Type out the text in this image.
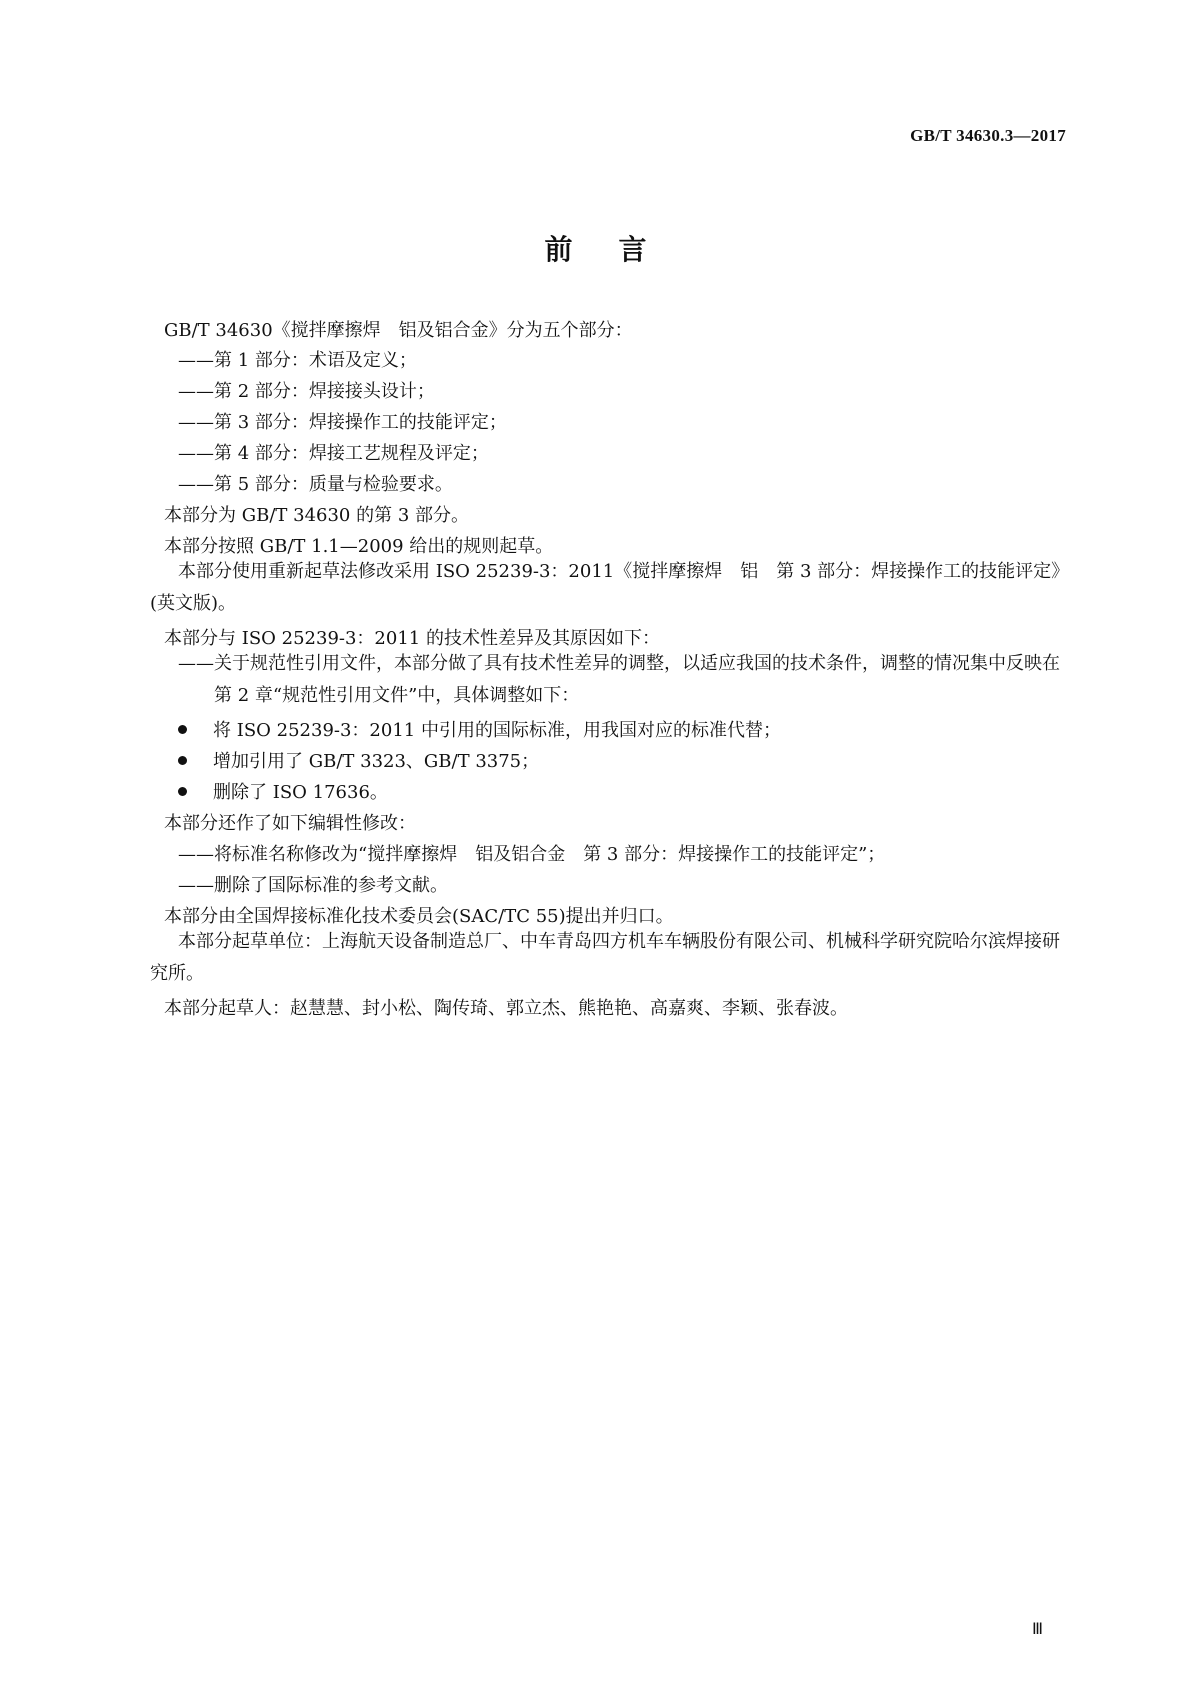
GB/T 34630.3—2017
前言
GB/T 34630《搅拌摩擦焊　铝及铝合金》分为五个部分：
——第 1 部分：术语及定义；
——第 2 部分：焊接接头设计；
——第 3 部分：焊接操作工的技能评定；
——第 4 部分：焊接工艺规程及评定；
——第 5 部分：质量与检验要求。
本部分为 GB/T 34630 的第 3 部分。
本部分按照 GB/T 1.1—2009 给出的规则起草。
本部分使用重新起草法修改采用 ISO 25239-3：2011《搅拌摩擦焊　铝　第 3 部分：焊接操作工的技能评定》(英文版)。
本部分与 ISO 25239-3：2011 的技术性差异及其原因如下：
——关于规范性引用文件，本部分做了具有技术性差异的调整，以适应我国的技术条件，调整的情况集中反映在第 2 章“规范性引用文件”中，具体调整如下：
将 ISO 25239-3：2011 中引用的国际标准，用我国对应的标准代替；
增加引用了 GB/T 3323、GB/T 3375；
删除了 ISO 17636。
本部分还作了如下编辑性修改：
——将标准名称修改为“搅拌摩擦焊　铝及铝合金　第 3 部分：焊接操作工的技能评定”；
——删除了国际标准的参考文献。
本部分由全国焊接标准化技术委员会(SAC/TC 55)提出并归口。
本部分起草单位：上海航天设备制造总厂、中车青岛四方机车车辆股份有限公司、机械科学研究院哈尔滨焊接研究所。
本部分起草人：赵慧慧、封小松、陶传琦、郭立杰、熊艳艳、高嘉爽、李颖、张春波。
Ⅲ
